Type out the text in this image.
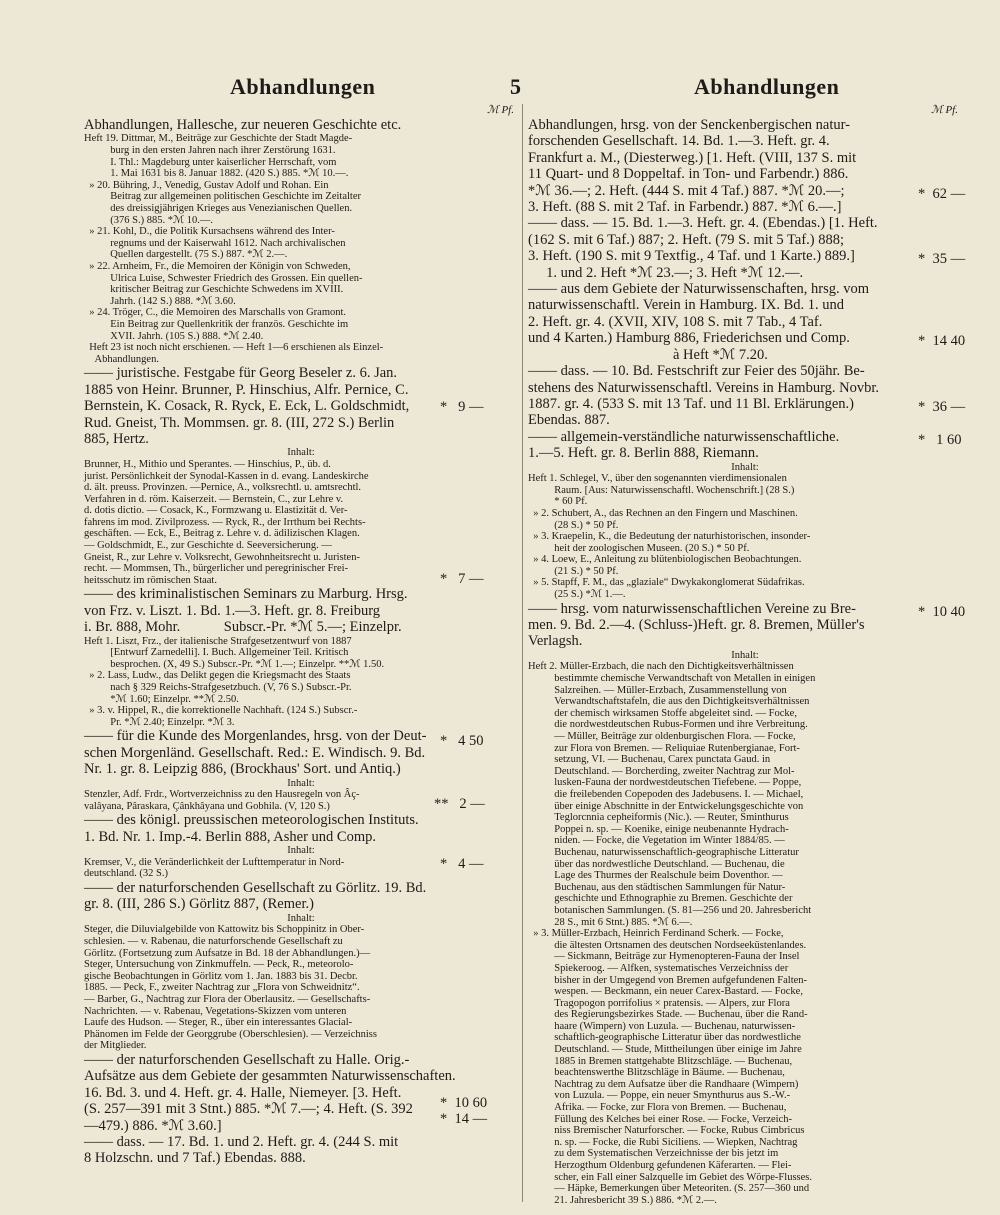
Abhandlungen	5	Abhandlungen
ℳ Pf.

Abhandlungen, Hallesche, zur neueren Geschichte etc.

Heft 19. Dittmar, M., Beiträge zur Geschichte der Stadt Magde-
burg in den ersten Jahren nach ihrer Zerstörung 1631.
I. Thl.: Magdeburg unter kaiserlicher Herrschaft, vom
1. Mai 1631 bis 8. Januar 1882. (420 S.) 885. *ℳ 10.—.
» 20. Bühring, J., Venedig, Gustav Adolf und Rohan. Ein
Beitrag zur allgemeinen politischen Geschichte im Zeitalter
des dreissigjährigen Krieges aus Venezianischen Quellen.
(376 S.) 885. *ℳ 10.—.
» 21. Kohl, D., die Politik Kursachsens während des Inter-
regnums und der Kaiserwahl 1612. Nach archivalischen
Quellen dargestellt. (75 S.) 887. *ℳ 2.—.
» 22. Arnheim, Fr., die Memoiren der Königin von Schweden,
Ulrica Luise, Schwester Friedrich des Grossen. Ein quellen-
kritischer Beitrag zur Geschichte Schwedens im XVIII.
Jahrh. (142 S.) 888. *ℳ 3.60.
» 24. Tröger, C., die Memoiren des Marschalls von Gramont.
Ein Beitrag zur Quellenkritik der französ. Geschichte im
XVII. Jahrh. (105 S.) 888. *ℳ 2.40.
Heft 23 ist noch nicht erschienen. — Heft 1—6 erschienen als Einzel-
Abhandlungen.

—— juristische. Festgabe für Georg Beseler z. 6. Jan.
1885 von Heinr. Brunner, P. Hinschius, Alfr. Pernice, C.
Bernstein, K. Cosack, R. Ryck, E. Eck, L. Goldschmidt,
Rud. Gneist, Th. Mommsen. gr. 8. (III, 272 S.) Berlin
885, Hertz.

Inhalt:

Brunner, H., Mithio und Sperantes. — Hinschius, P., üb. d.
jurist. Persönlichkeit der Synodal-Kassen in d. evang. Landeskirche
d. ält. preuss. Provinzen. —Pernice, A., volksrechtl. u. amtsrechtl.
Verfahren in d. röm. Kaiserzeit. — Bernstein, C., zur Lehre v.
d. dotis dictio. — Cosack, K., Formzwang u. Elastizität d. Ver-
fahrens im mod. Zivilprozess. — Ryck, R., der Irrthum bei Rechts-
geschäften. — Eck, E., Beitrag z. Lehre v. d. ädilizischen Klagen.
— Goldschmidt, E., zur Geschichte d. Seeversicherung. —
Gneist, R., zur Lehre v. Volksrecht, Gewohnheitsrecht u. Juristen-
recht. — Mommsen, Th., bürgerlicher und peregrinischer Frei-
heitsschutz im römischen Staat.

—— des kriminalistischen Seminars zu Marburg. Hrsg.
von Frz. v. Liszt. 1. Bd. 1.—3. Heft. gr. 8. Freiburg
i. Br. 888, Mohr.            Subscr.-Pr. *ℳ 5.—; Einzelpr.

Heft 1. Liszt, Frz., der italienische Strafgesetzentwurf von 1887
[Entwurf Zarnedelli]. I. Buch. Allgemeiner Teil. Kritisch
besprochen. (X, 49 S.) Subscr.-Pr. *ℳ 1.—; Einzelpr. **ℳ 1.50.
» 2. Lass, Ludw., das Delikt gegen die Kriegsmacht des Staats
nach § 329 Reichs-Strafgesetzbuch. (V, 76 S.) Subscr.-Pr.
*ℳ 1.60; Einzelpr. **ℳ 2.50.
» 3. v. Hippel, R., die korrektionelle Nachhaft. (124 S.) Subscr.-
Pr. *ℳ 2.40; Einzelpr. *ℳ 3.

—— für die Kunde des Morgenlandes, hrsg. von der Deut-
schen Morgenländ. Gesellschaft. Red.: E. Windisch. 9. Bd.
Nr. 1. gr. 8. Leipzig 886, (Brockhaus' Sort. und Antiq.)

Inhalt:

Stenzler, Adf. Frdr., Wortverzeichniss zu den Hausregeln von Âç-
valâyana, Pâraskara, Çânkhâyana und Gobhila. (V, 120 S.)

—— des königl. preussischen meteorologischen Instituts.
1. Bd. Nr. 1. Imp.-4. Berlin 888, Asher und Comp.

Inhalt:

Kremser, V., die Veränderlichkeit der Lufttemperatur in Nord-
deutschland. (32 S.)

—— der naturforschenden Gesellschaft zu Görlitz. 19. Bd.
gr. 8. (III, 286 S.) Görlitz 887, (Remer.)

Inhalt:

Steger, die Diluvialgebilde von Kattowitz bis Schoppinitz in Ober-
schlesien. — v. Rabenau, die naturforschende Gesellschaft zu
Görlitz. (Fortsetzung zum Aufsatze in Bd. 18 der Abhandlungen.)—
Steger, Untersuchung von Zinkmuffeln. — Peck, R., meteorolo-
gische Beobachtungen in Görlitz vom 1. Jan. 1883 bis 31. Decbr.
1885. — Peck, F., zweiter Nachtrag zur „Flora von Schweidnitz“.
— Barber, G., Nachtrag zur Flora der Oberlausitz. — Gesellschafts-
Nachrichten. — v. Rabenau, Vegetations-Skizzen vom unteren
Laufe des Hudson. — Steger, R., über ein interessantes Glacial-
Phänomen im Felde der Georggrube (Oberschlesien). — Verzeichniss
der Mitglieder.

—— der naturforschenden Gesellschaft zu Halle. Orig.-
Aufsätze aus dem Gebiete der gesammten Naturwissenschaften.
16. Bd. 3. und 4. Heft. gr. 4. Halle, Niemeyer. [3. Heft.
(S. 257—391 mit 3 Stnt.) 885. *ℳ 7.—; 4. Heft. (S. 392
—479.) 886. *ℳ 3.60.]
—— dass. — 17. Bd. 1. und 2. Heft. gr. 4. (244 S. mit
8 Holzschn. und 7 Taf.) Ebendas. 888.

ℳ Pf.

Abhandlungen, hrsg. von der Senckenbergischen natur-
forschenden Gesellschaft. 14. Bd. 1.—3. Heft. gr. 4.
Frankfurt a. M., (Diesterweg.) [1. Heft. (VIII, 137 S. mit
11 Quart- und 8 Doppeltaf. in Ton- und Farbendr.) 886.
*ℳ 36.—; 2. Heft. (444 S. mit 4 Taf.) 887. *ℳ 20.—;
3. Heft. (88 S. mit 2 Taf. in Farbendr.) 887. *ℳ 6.—.]
—— dass. — 15. Bd. 1.—3. Heft. gr. 4. (Ebendas.) [1. Heft.
(162 S. mit 6 Taf.) 887; 2. Heft. (79 S. mit 5 Taf.) 888;
3. Heft. (190 S. mit 9 Textfig., 4 Taf. und 1 Karte.) 889.]
1. und 2. Heft *ℳ 23.—; 3. Heft *ℳ 12.—.
—— aus dem Gebiete der Naturwissenschaften, hrsg. vom
naturwissenschaftl. Verein in Hamburg. IX. Bd. 1. und
2. Heft. gr. 4. (XVII, XIV, 108 S. mit 7 Tab., 4 Taf.
und 4 Karten.) Hamburg 886, Friederichsen und Comp.
à Heft *ℳ 7.20.
—— dass. — 10. Bd. Festschrift zur Feier des 50jähr. Be-
stehens des Naturwissenschaftl. Vereins in Hamburg. Novbr.
1887. gr. 4. (533 S. mit 13 Taf. und 11 Bl. Erklärungen.)
Ebendas. 887.
—— allgemein-verständliche naturwissenschaftliche.
1.—5. Heft. gr. 8. Berlin 888, Riemann.

Inhalt:

Heft 1. Schlegel, V., über den sogenannten vierdimensionalen
Raum. [Aus: Naturwissenschaftl. Wochenschrift.] (28 S.)
* 60 Pf.
» 2. Schubert, A., das Rechnen an den Fingern und Maschinen.
(28 S.) * 50 Pf.
» 3. Kraepelin, K., die Bedeutung der naturhistorischen, insonder-
heit der zoologischen Museen. (20 S.) * 50 Pf.
» 4. Loew, E., Anleitung zu blütenbiologischen Beobachtungen.
(21 S.) * 50 Pf.
» 5. Stapff, F. M., das „glaziale“ Dwykakonglomerat Südafrikas.
(25 S.) *ℳ 1.—.

—— hrsg. vom naturwissenschaftlichen Vereine zu Bre-
men. 9. Bd. 2.—4. (Schluss-)Heft. gr. 8. Bremen, Müller's
Verlagsh.

Inhalt:

Heft 2. Müller-Erzbach, die nach den Dichtigkeitsverhältnissen
bestimmte chemische Verwandtschaft von Metallen in einigen
Salzreihen. — Müller-Erzbach, Zusammenstellung von
Verwandtschaftstafeln, die aus den Dichtigkeitsverhältnissen
der chemisch wirksamen Stoffe abgeleitet sind. — Focke,
die nordwestdeutschen Rubus-Formen und ihre Verbreitung.
— Müller, Beiträge zur oldenburgischen Flora. — Focke,
zur Flora von Bremen. — Reliquiae Rutenbergianae, Fort-
setzung, VI. — Buchenau, Carex punctata Gaud. in
Deutschland. — Borcherding, zweiter Nachtrag zur Mol-
lusken-Fauna der nordwestdeutschen Tiefebene. — Poppe,
die freilebenden Copepoden des Jadebusens. I. — Michael,
über einige Abschnitte in der Entwickelungsgeschichte von
Teglorcnnia cepheiformis (Nic.). — Reuter, Sminthurus
Poppei n. sp. — Koenike, einige neubenannte Hydrach-
niden. — Focke, die Vegetation im Winter 1884/85. —
Buchenau, naturwissenschaftlich-geographische Litteratur
über das nordwestliche Deutschland. — Buchenau, die
Lage des Thurmes der Realschule beim Doventhor. —
Buchenau, aus den städtischen Sammlungen für Natur-
geschichte und Ethnographie zu Bremen. Geschichte der
botanischen Sammlungen. (S. 81—256 und 20. Jahresbericht
28 S., mit 6 Stnt.) 885. *ℳ 6.—.
» 3. Müller-Erzbach, Heinrich Ferdinand Scherk. — Focke,
die ältesten Ortsnamen des deutschen Nordseeküstenlandes.
— Sickmann, Beiträge zur Hymenopteren-Fauna der Insel
Spiekeroog. — Alfken, systematisches Verzeichniss der
bisher in der Umgegend von Bremen aufgefundenen Falten-
wespen. — Beckmann, ein neuer Carex-Bastard. — Focke,
Tragopogon porrifolius × pratensis. — Alpers, zur Flora
des Regierungsbezirkes Stade. — Buchenau, über die Rand-
haare (Wimpern) von Luzula. — Buchenau, naturwissen-
schaftlich-geographische Litteratur über das nordwestliche
Deutschland. — Stude, Mittheilungen über einige im Jahre
1885 in Bremen stattgehabte Blitzschläge. — Buchenau,
beachtenswerthe Blitzschläge in Bäume. — Buchenau,
Nachtrag zu dem Aufsatze über die Randhaare (Wimpern)
von Luzula. — Poppe, ein neuer Smynthurus aus S.-W.-
Afrika. — Focke, zur Flora von Bremen. — Buchenau,
Füllung des Kelches bei einer Rose. — Focke, Verzeich-
niss Bremischer Naturforscher. — Focke, Rubus Cimbricus
n. sp. — Focke, die Rubi Siciliens. — Wiepken, Nachtrag
zu dem Systematischen Verzeichnisse der bis jetzt im
Herzogthum Oldenburg gefundenen Käferarten. — Flei-
scher, ein Fall einer Salzquelle im Gebiet des Wörpe-Flusses.
— Häpke, Bemerkungen über Meteoriten. (S. 257—360 und
21. Jahresbericht 39 S.) 886. *ℳ 2.—.

*   9 —
*   7 —
*   4 50
**   2 —
*   4 —
*  10 60
*  14 —
*  62 —
*  35 —
*  14 40
*  36 —
*   1 60
*  10 40
